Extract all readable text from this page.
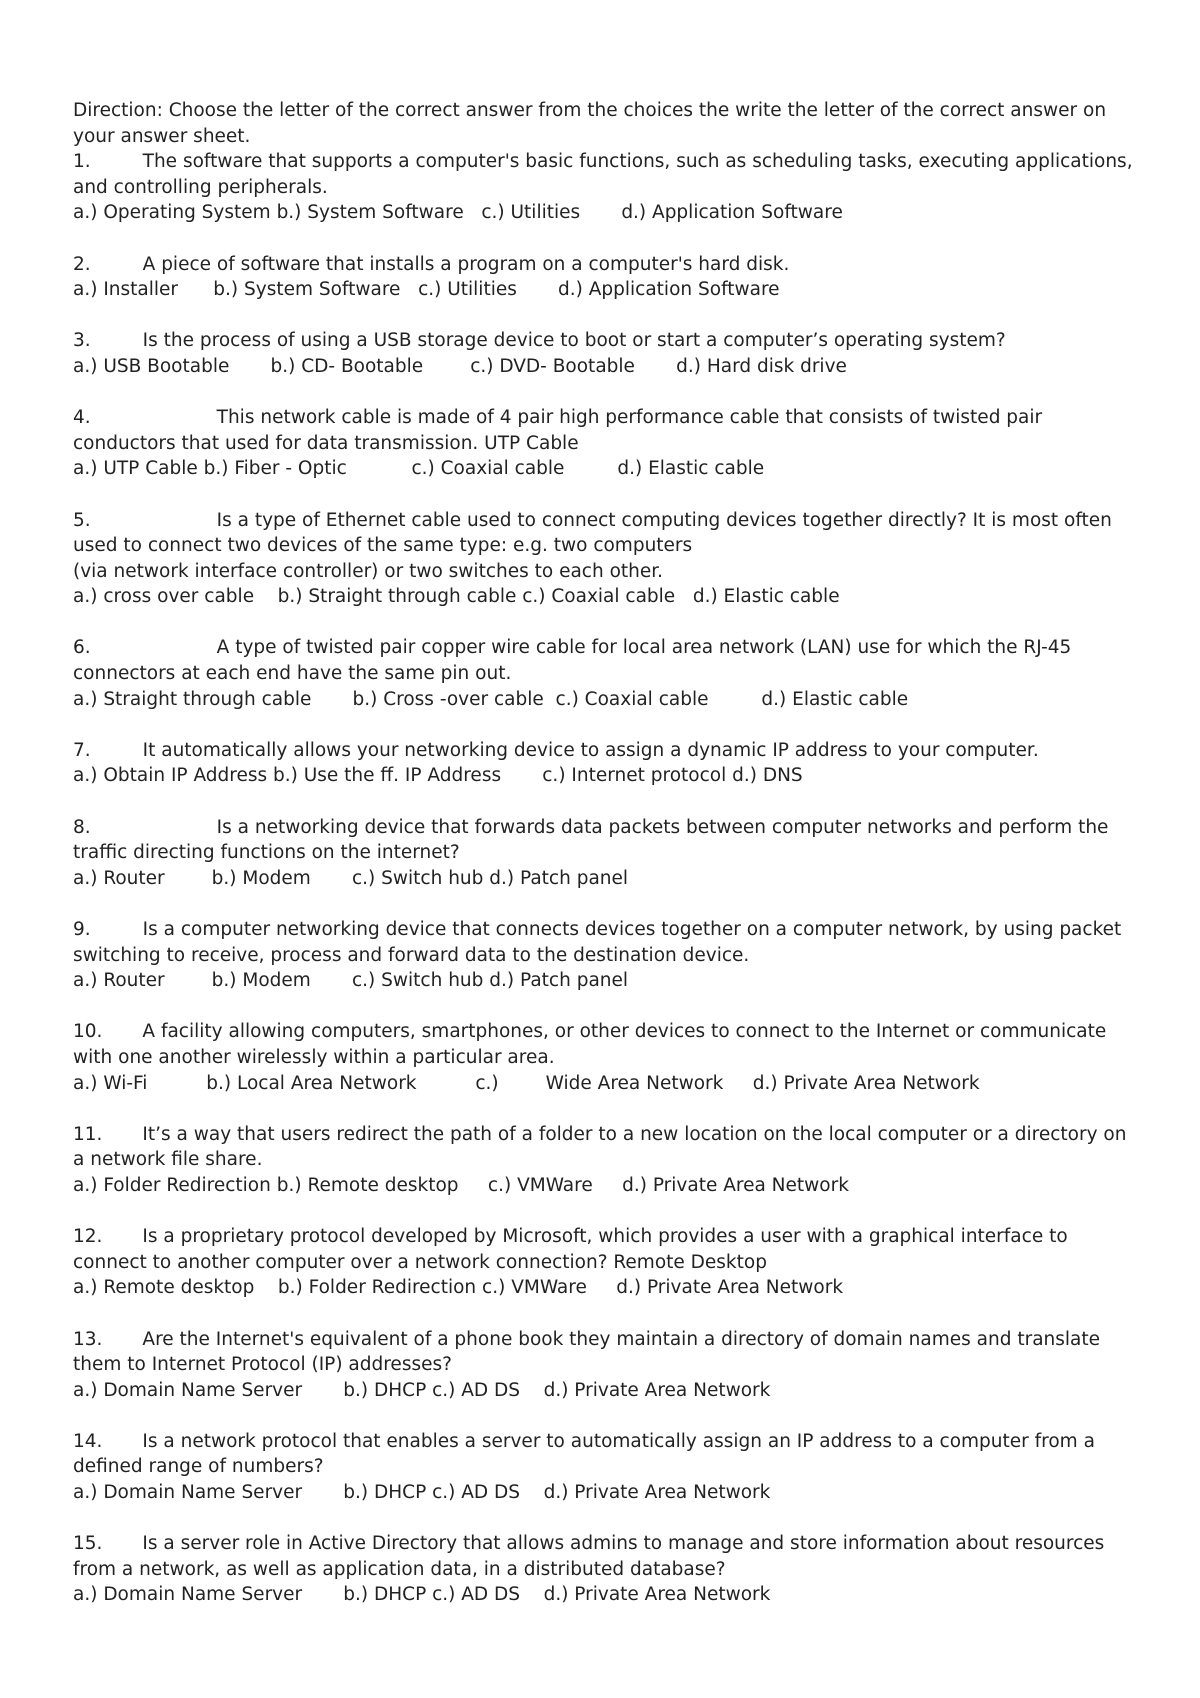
Direction: Choose the letter of the correct answer from the choices the write the letter of the correct answer on your answer sheet.

1.	The software that supports a computer's basic functions, such as scheduling tasks, executing applications, and controlling peripherals.

a.) Operating System b.) System Software   c.) Utilities       d.) Application Software

2.	A piece of software that installs a program on a computer's hard disk.

a.) Installer      b.) System Software   c.) Utilities       d.) Application Software

3.	Is the process of using a USB storage device to boot or start a computer’s operating system?

a.) USB Bootable       b.) CD- Bootable        c.) DVD- Bootable       d.) Hard disk drive

4.	This network cable is made of 4 pair high performance cable that consists of twisted pair conductors that used for data transmission. UTP Cable

a.) UTP Cable b.) Fiber - Optic           c.) Coaxial cable         d.) Elastic cable

5.	Is a type of Ethernet cable used to connect computing devices together directly? It is most often used to connect two devices of the same type: e.g. two computers

(via network interface controller) or two switches to each other.

a.) cross over cable    b.) Straight through cable c.) Coaxial cable   d.) Elastic cable

6.	A type of twisted pair copper wire cable for local area network (LAN) use for which the RJ-45 connectors at each end have the same pin out.

a.) Straight through cable       b.) Cross -over cable  c.) Coaxial cable         d.) Elastic cable

7.	It automatically allows your networking device to assign a dynamic IP address to your computer.

a.) Obtain IP Address b.) Use the ff. IP Address       c.) Internet protocol d.) DNS

8.	Is a networking device that forwards data packets between computer networks and perform the traffic directing functions on the internet?

a.) Router        b.) Modem       c.) Switch hub d.) Patch panel

9.	Is a computer networking device that connects devices together on a computer network, by using packet switching to receive, process and forward data to the destination device.

a.) Router        b.) Modem       c.) Switch hub d.) Patch panel

10. A facility allowing computers, smartphones, or other devices to connect to the Internet or communicate with one another wirelessly within a particular area.

a.) Wi-Fi          b.) Local Area Network          c.)        Wide Area Network     d.) Private Area Network

11. It’s a way that users redirect the path of a folder to a new location on the local computer or a directory on a network file share.

a.) Folder Redirection b.) Remote desktop     c.) VMWare     d.) Private Area Network

12. Is a proprietary protocol developed by Microsoft, which provides a user with a graphical interface to connect to another computer over a network connection? Remote Desktop

a.) Remote desktop    b.) Folder Redirection c.) VMWare     d.) Private Area Network

13. Are the Internet's equivalent of a phone book they maintain a directory of domain names and translate them to Internet Protocol (IP) addresses?

a.) Domain Name Server       b.) DHCP c.) AD DS    d.) Private Area Network

14. Is a network protocol that enables a server to automatically assign an IP address to a computer from a defined range of numbers?

a.) Domain Name Server       b.) DHCP c.) AD DS    d.) Private Area Network

15. Is a server role in Active Directory that allows admins to manage and store information about resources from a network, as well as application data, in a distributed database?

a.) Domain Name Server       b.) DHCP c.) AD DS    d.) Private Area Network
